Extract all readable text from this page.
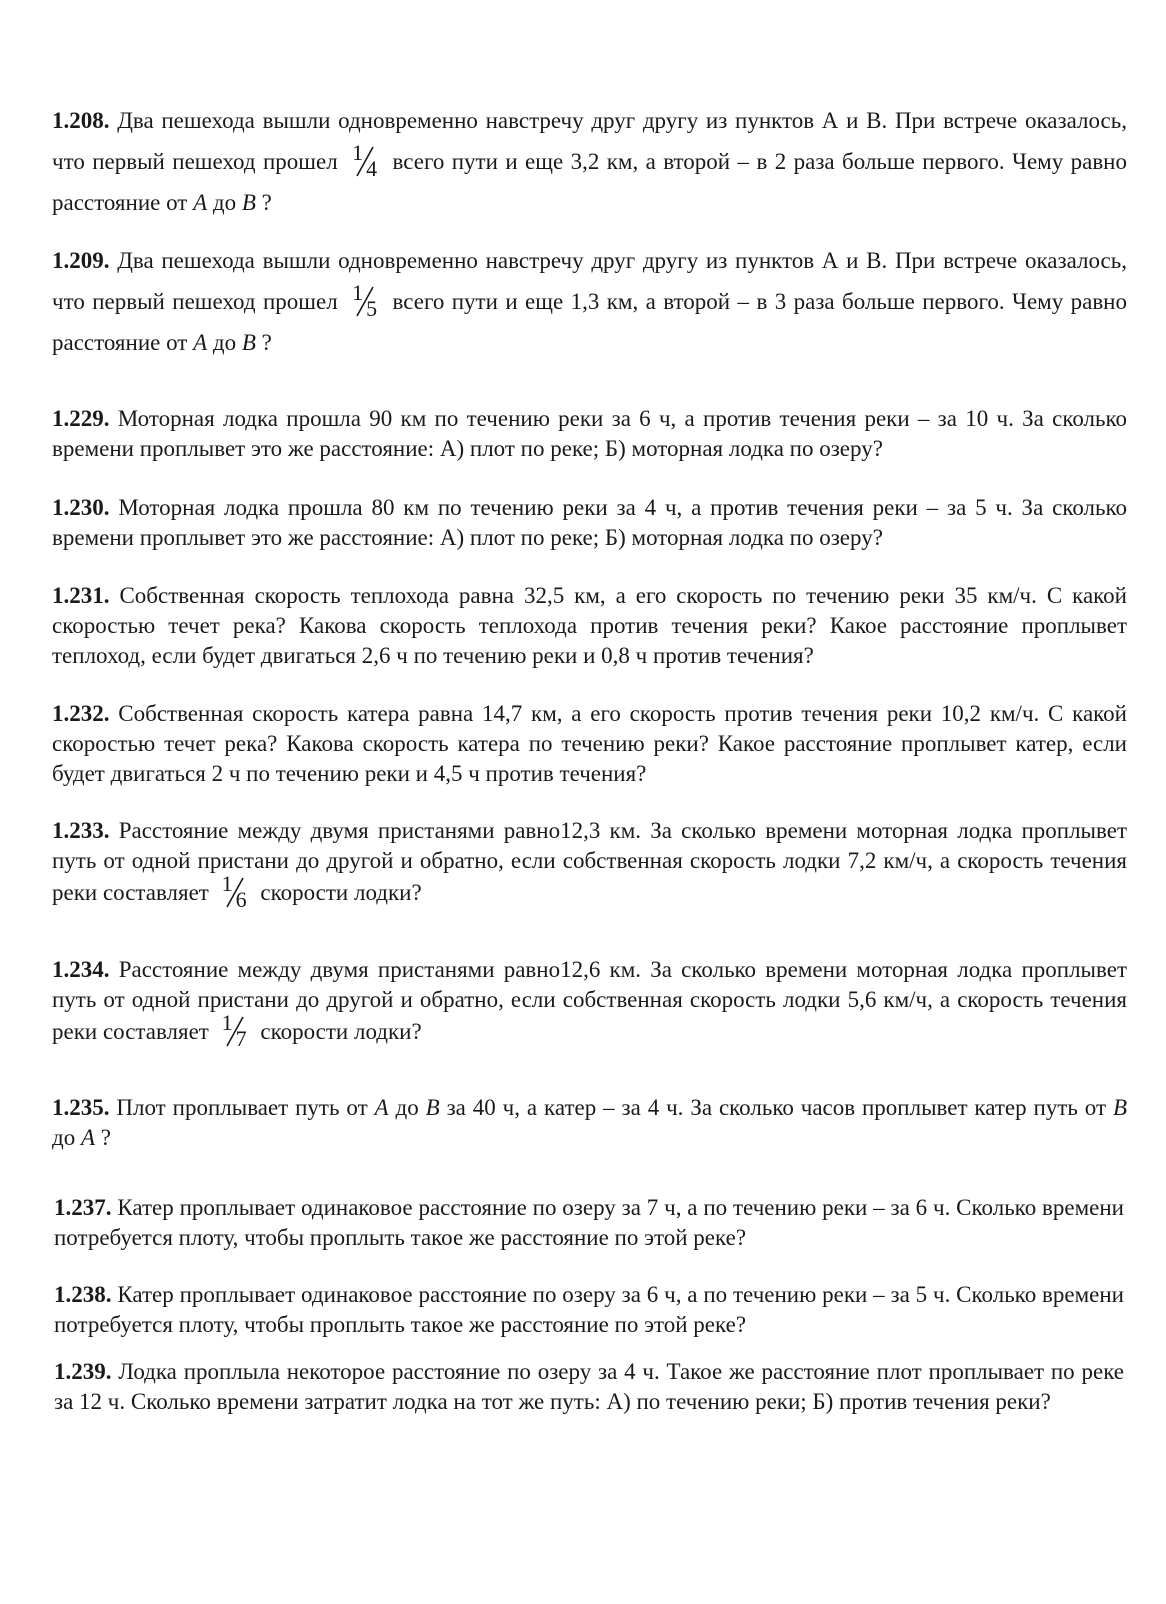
1.208. Два пешехода вышли одновременно навстречу друг другу из пунктов А и В. При встрече оказалось, что первый пешеход прошел 1
4 всего пути и еще 3,2 км, а второй – в 2 раза больше первого. Чему равно расстояние от A до B ?
1.209. Два пешехода вышли одновременно навстречу друг другу из пунктов А и В. При встрече оказалось, что первый пешеход прошел 1
5 всего пути и еще 1,3 км, а второй – в 3 раза больше первого. Чему равно расстояние от A до B ?
1.229. Моторная лодка прошла 90 км по течению реки за 6 ч, а против течения реки – за 10 ч. За сколько времени проплывет это же расстояние: А) плот по реке; Б) моторная лодка по озеру?
1.230. Моторная лодка прошла 80 км по течению реки за 4 ч, а против течения реки – за 5 ч. За сколько времени проплывет это же расстояние: А) плот по реке; Б) моторная лодка по озеру?
1.231. Собственная скорость теплохода равна 32,5 км, а его скорость по течению реки 35 км/ч. С какой скоростью течет река? Какова скорость теплохода против течения реки? Какое расстояние проплывет теплоход, если будет двигаться 2,6 ч по течению реки и 0,8 ч против течения?
1.232. Собственная скорость катера равна 14,7 км, а его скорость против течения реки 10,2 км/ч. С какой скоростью течет река? Какова скорость катера по течению реки? Какое расстояние проплывет катер, если будет двигаться 2 ч по течению реки и 4,5 ч против течения?
1.233. Расстояние между двумя пристанями равно12,3 км. За сколько времени моторная лодка проплывет путь от одной пристани до другой и обратно, если собственная скорость лодки 7,2 км/ч, а скорость течения реки составляет 1
6 скорости лодки?
1.234. Расстояние между двумя пристанями равно12,6 км. За сколько времени моторная лодка проплывет путь от одной пристани до другой и обратно, если собственная скорость лодки 5,6 км/ч, а скорость течения реки составляет 1
7 скорости лодки?
1.235. Плот проплывает путь от A до B за 40 ч, а катер – за 4 ч. За сколько часов проплывет катер путь от B до A ?
1.237. Катер проплывает одинаковое расстояние по озеру за 7 ч, а по течению реки – за 6 ч. Сколько времени потребуется плоту, чтобы проплыть такое же расстояние по этой реке?
1.238. Катер проплывает одинаковое расстояние по озеру за 6 ч, а по течению реки – за 5 ч. Сколько времени потребуется плоту, чтобы проплыть такое же расстояние по этой реке?
1.239. Лодка проплыла некоторое расстояние по озеру за 4 ч. Такое же расстояние плот проплывает по реке за 12 ч. Сколько времени затратит лодка на тот же путь: А) по течению реки; Б) против течения реки?
